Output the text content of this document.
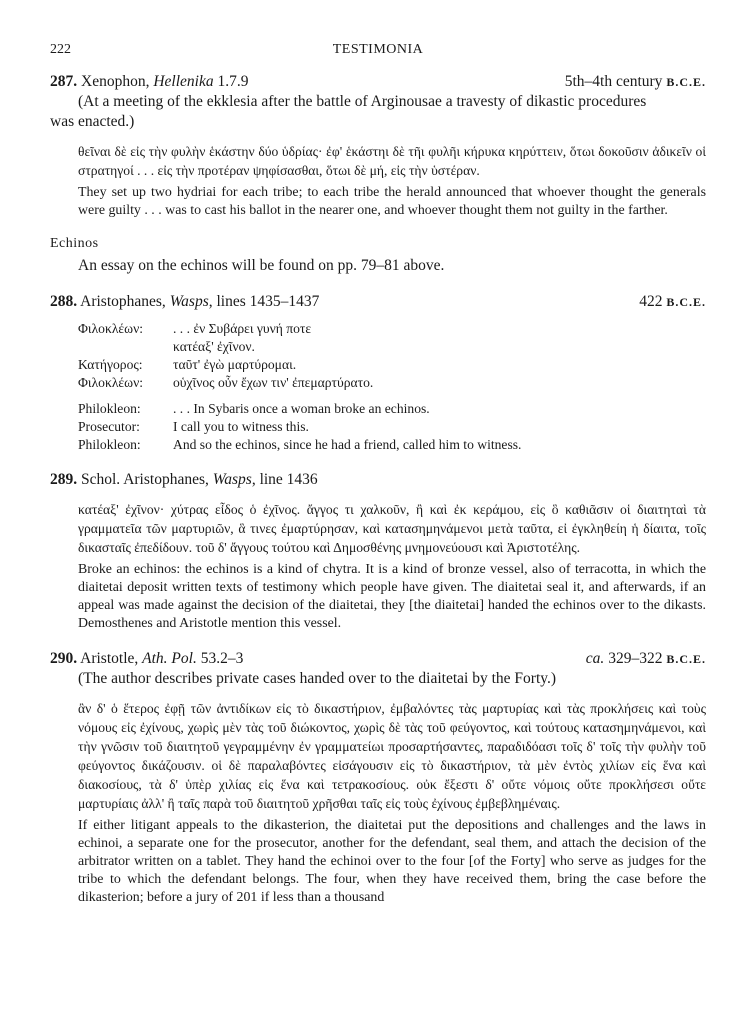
222	TESTIMONIA
287. Xenophon, Hellenika 1.7.9	5th–4th century B.C.E.
(At a meeting of the ekklesia after the battle of Arginousae a travesty of dikastic procedures
was enacted.)
θεῖναι δὲ εἰς τὴν φυλὴν ἑκάστην δύο ὑδρίας· ἐφ' ἑκάστηι δὲ τῆι φυλῆι κήρυκα κηρύττειν, ὅτωι δοκοῦσιν ἀδικεῖν οἱ στρατηγοί . . . εἰς τὴν προτέραν ψηφίσασθαι, ὅτωι δὲ μή, εἰς τὴν ὑστέραν.
They set up two hydriai for each tribe; to each tribe the herald announced that whoever thought the generals were guilty . . . was to cast his ballot in the nearer one, and whoever thought them not guilty in the farther.
Echinos
An essay on the echinos will be found on pp. 79–81 above.
288. Aristophanes, Wasps, lines 1435–1437	422 B.C.E.
Φιλοκλέων:	. . . ἐν Συβάρει γυνή ποτε
κατέαξ' ἐχῖνον.
Κατήγορος:	ταῦτ' ἐγὼ μαρτύρομαι.
Φιλοκλέων:	οὑχῖνος οὖν ἔχων τιν' ἐπεμαρτύρατο.
Philokleon:	. . . In Sybaris once a woman broke an echinos.
Prosecutor:	I call you to witness this.
Philokleon:	And so the echinos, since he had a friend, called him to witness.
289. Schol. Aristophanes, Wasps, line 1436
κατέαξ' ἐχῖνον· χύτρας εἶδος ὁ ἐχῖνος. ἄγγος τι χαλκοῦν, ἢ καὶ ἐκ κεράμου, εἰς ὃ καθιᾶσιν οἱ διαιτηταὶ τὰ γραμματεῖα τῶν μαρτυριῶν, ἃ τινες ἐμαρτύρησαν, καὶ κατασημηνάμενοι μετὰ ταῦτα, εἰ ἐγκληθείη ἡ δίαιτα, τοῖς δικασταῖς ἐπεδίδουν. τοῦ δ' ἄγγους τούτου καὶ Δημοσθένης μνημονεύουσι καὶ Ἀριστοτέλης.
Broke an echinos: the echinos is a kind of chytra. It is a kind of bronze vessel, also of terracotta, in which the diaitetai deposit written texts of testimony which people have given. The diaitetai seal it, and afterwards, if an appeal was made against the decision of the diaitetai, they [the diaitetai] handed the echinos over to the dikasts. Demosthenes and Aristotle mention this vessel.
290. Aristotle, Ath. Pol. 53.2–3	ca. 329–322 B.C.E.
(The author describes private cases handed over to the diaitetai by the Forty.)
ἂν δ' ὁ ἕτερος ἐφῇ τῶν ἀντιδίκων εἰς τὸ δικαστήριον, ἐμβαλόντες τὰς μαρτυρίας καὶ τὰς προκλήσεις καὶ τοὺς νόμους εἰς ἐχίνους, χωρὶς μὲν τὰς τοῦ διώκοντος, χωρὶς δὲ τὰς τοῦ φεύγοντος, καὶ τούτους κατασημηνάμενοι, καὶ τὴν γνῶσιν τοῦ διαιτητοῦ γεγραμμένην ἐν γραμματείωι προσαρτήσαντες, παραδιδόασι τοῖς δ' τοῖς τὴν φυλὴν τοῦ φεύγοντος δικάζουσιν. οἱ δὲ παραλαβόντες εἰσάγουσιν εἰς τὸ δικαστήριον, τὰ μὲν ἐντὸς χιλίων εἰς ἕνα καὶ διακοσίους, τὰ δ' ὑπὲρ χιλίας εἰς ἕνα καὶ τετρακοσίους. οὐκ ἔξεστι δ' οὔτε νόμοις οὔτε προκλήσεσι οὔτε μαρτυρίαις ἀλλ' ἢ ταῖς παρὰ τοῦ διαιτητοῦ χρῆσθαι ταῖς εἰς τοὺς ἐχίνους ἐμβεβλημέναις.
If either litigant appeals to the dikasterion, the diaitetai put the depositions and challenges and the laws in echinoi, a separate one for the prosecutor, another for the defendant, seal them, and attach the decision of the arbitrator written on a tablet. They hand the echinoi over to the four [of the Forty] who serve as judges for the tribe to which the defendant belongs. The four, when they have received them, bring the case before the dikasterion; before a jury of 201 if less than a thousand
